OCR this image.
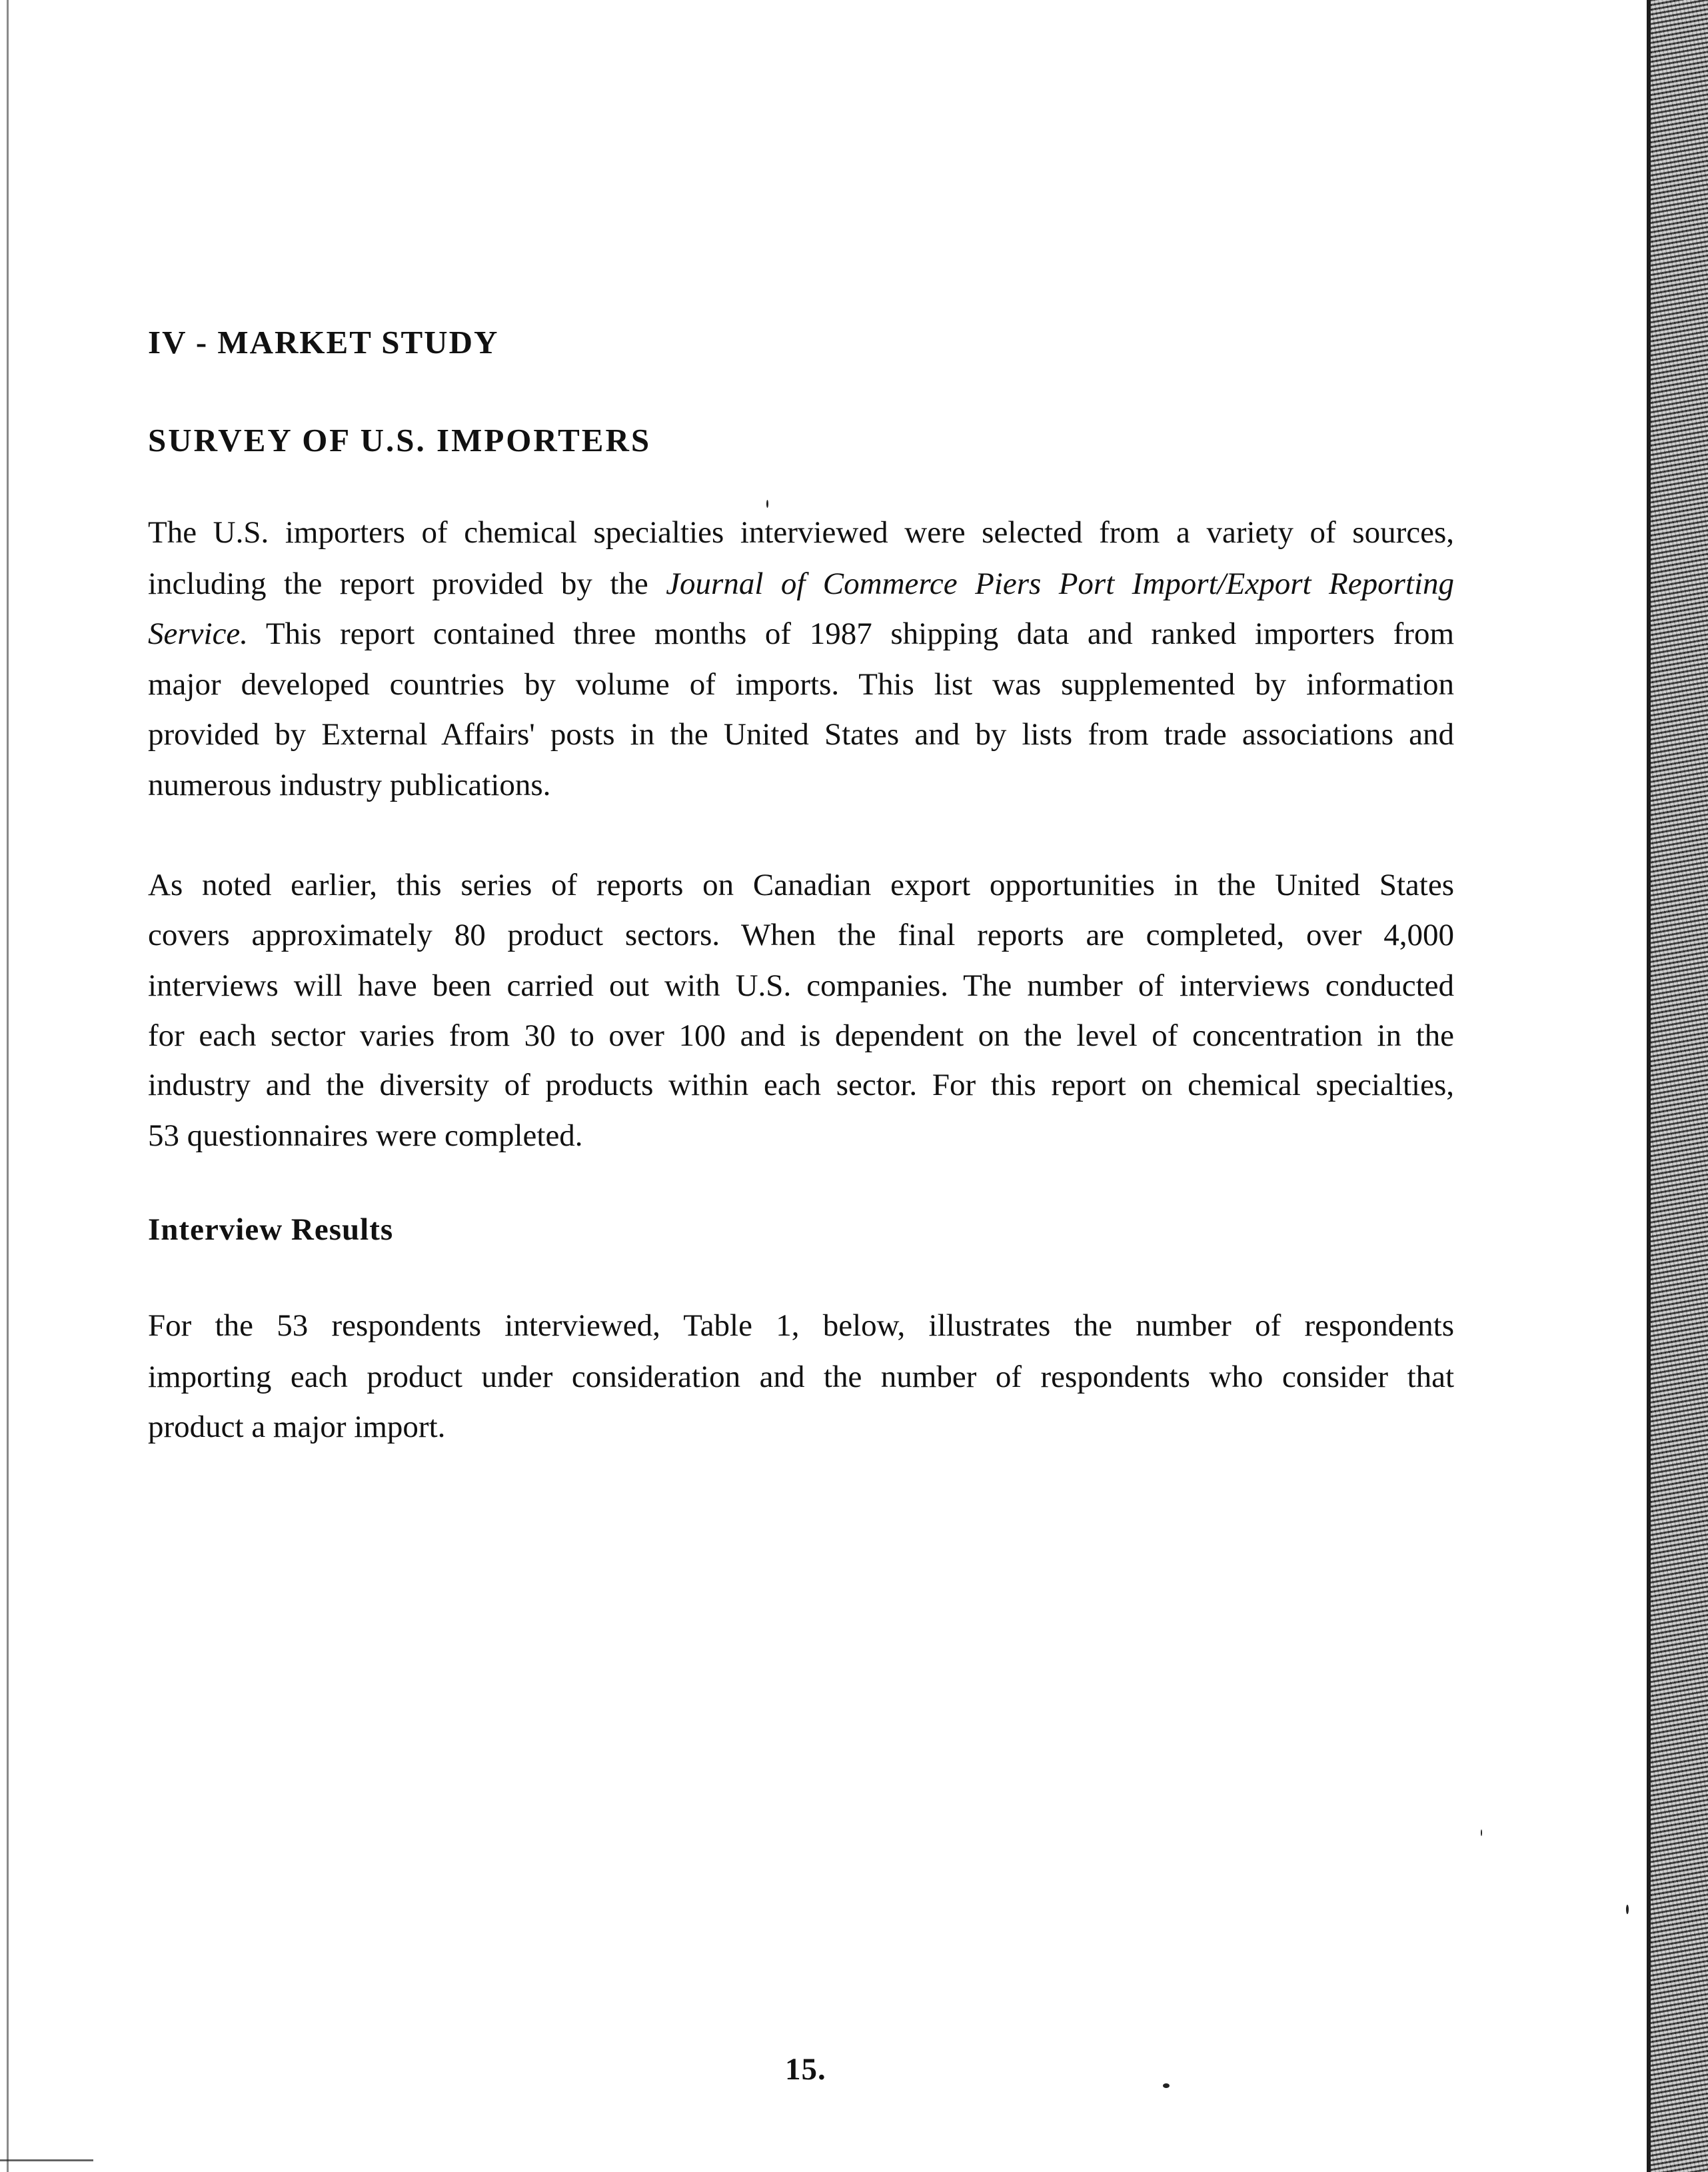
IV - MARKET STUDY
SURVEY OF U.S. IMPORTERS
The U.S. importers of chemical specialties interviewed were selected from a variety of sources,
including the report provided by the Journal of Commerce Piers Port Import/Export Reporting
Service. This report contained three months of 1987 shipping data and ranked importers from
major developed countries by volume of imports. This list was supplemented by information
provided by External Affairs' posts in the United States and by lists from trade associations and
numerous industry publications.
As noted earlier, this series of reports on Canadian export opportunities in the United States
covers approximately 80 product sectors. When the final reports are completed, over 4,000
interviews will have been carried out with U.S. companies. The number of interviews conducted
for each sector varies from 30 to over 100 and is dependent on the level of concentration in the
industry and the diversity of products within each sector. For this report on chemical specialties,
53 questionnaires were completed.
Interview Results
For the 53 respondents interviewed, Table 1, below, illustrates the number of respondents
importing each product under consideration and the number of respondents who consider that
product a major import.
15.
